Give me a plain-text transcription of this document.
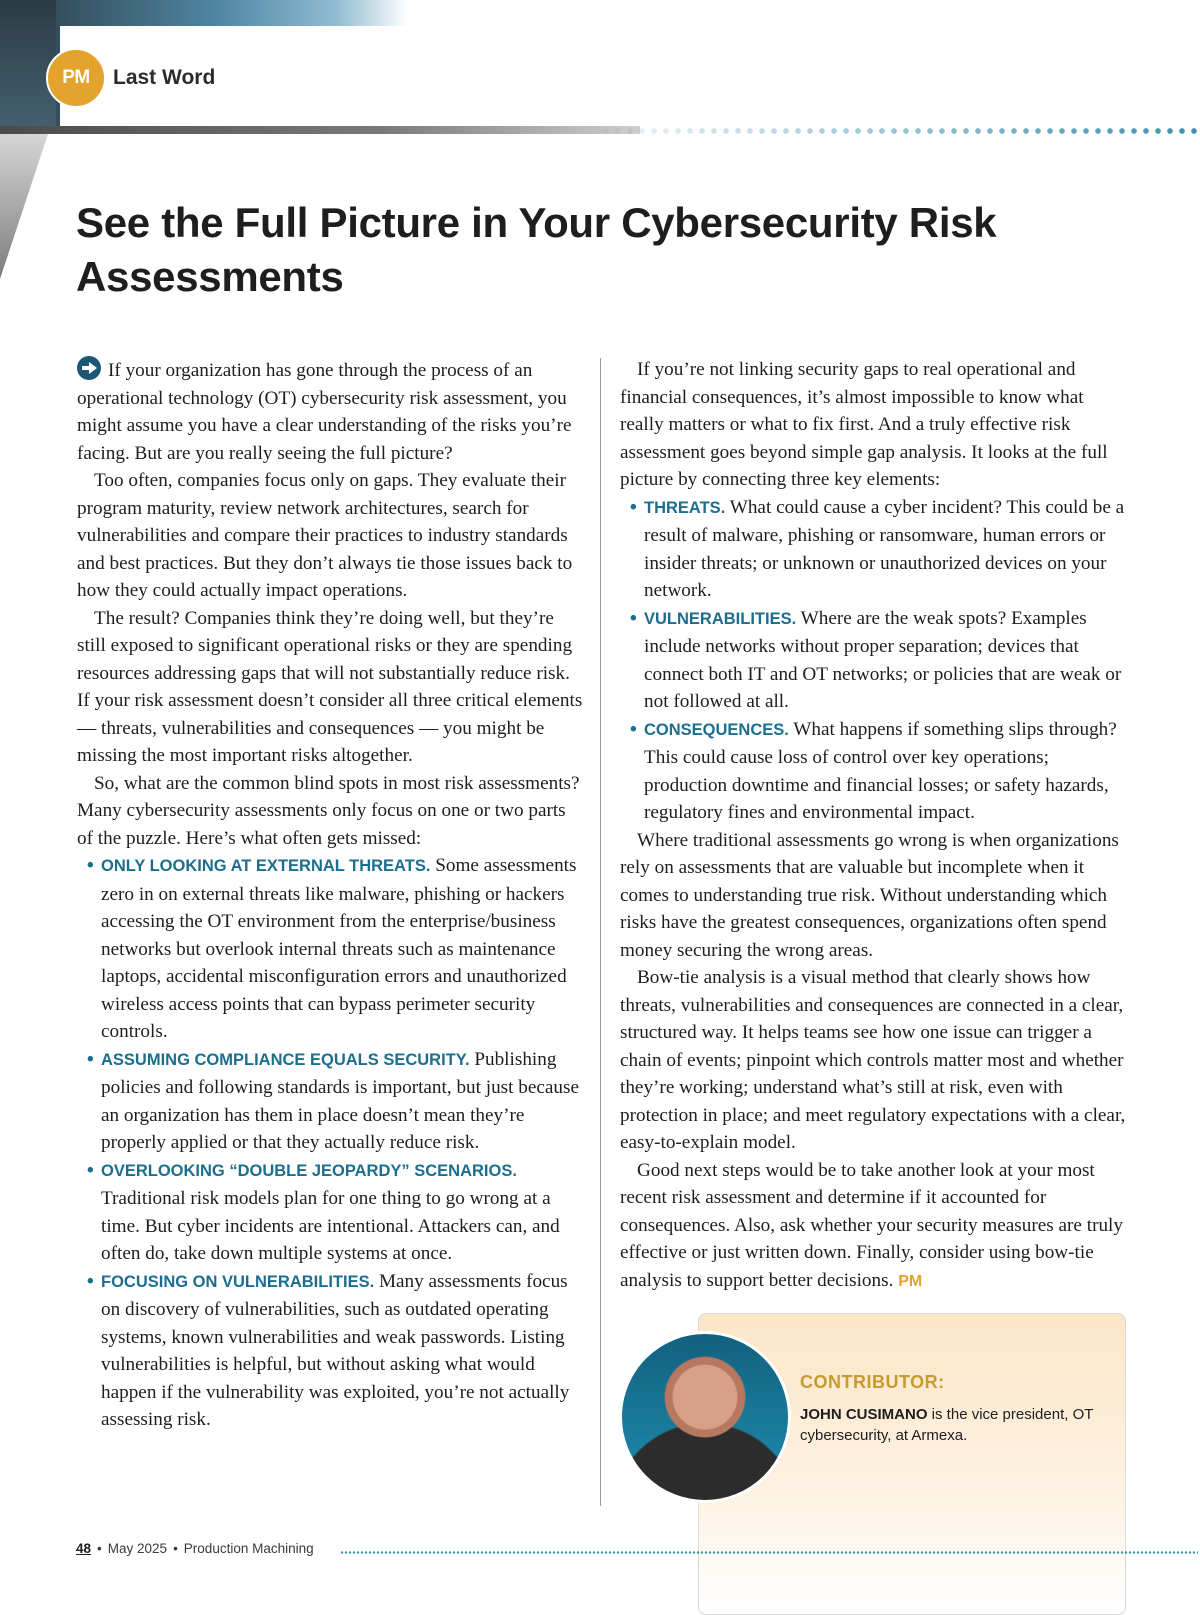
PM	Last Word
See the Full Picture in Your Cybersecurity Risk Assessments

If your organization has gone through the process of an operational technology (OT) cybersecurity risk assessment, you might assume you have a clear understanding of the risks you’re facing. But are you really seeing the full picture?

Too often, companies focus only on gaps. They evaluate their program maturity, review network architectures, search for vulnerabilities and compare their practices to industry standards and best practices. But they don’t always tie those issues back to how they could actually impact operations.

The result? Companies think they’re doing well, but they’re still exposed to significant operational risks or they are spending resources addressing gaps that will not substantially reduce risk. If your risk assessment doesn’t consider all three critical elements — threats, vulnerabilities and consequences — you might be missing the most important risks altogether.

So, what are the common blind spots in most risk assessments? Many cybersecurity assessments only focus on one or two parts of the puzzle. Here’s what often gets missed:

• ONLY LOOKING AT EXTERNAL THREATS. Some assessments zero in on external threats like malware, phishing or hackers accessing the OT environment from the enterprise/business networks but overlook internal threats such as maintenance laptops, accidental misconfiguration errors and unauthorized wireless access points that can bypass perimeter security controls.
• ASSUMING COMPLIANCE EQUALS SECURITY. Publishing policies and following standards is important, but just because an organization has them in place doesn’t mean they’re properly applied or that they actually reduce risk.
• OVERLOOKING “DOUBLE JEOPARDY” SCENARIOS. Traditional risk models plan for one thing to go wrong at a time. But cyber incidents are intentional. Attackers can, and often do, take down multiple systems at once.
• FOCUSING ON VULNERABILITIES. Many assessments focus on discovery of vulnerabilities, such as outdated operating systems, known vulnerabilities and weak passwords. Listing vulnerabilities is helpful, but without asking what would happen if the vulnerability was exploited, you’re not actually assessing risk.

If you’re not linking security gaps to real operational and financial consequences, it’s almost impossible to know what really matters or what to fix first. And a truly effective risk assessment goes beyond simple gap analysis. It looks at the full picture by connecting three key elements:

• THREATS. What could cause a cyber incident? This could be a result of malware, phishing or ransomware, human errors or insider threats; or unknown or unauthorized devices on your network.
• VULNERABILITIES. Where are the weak spots? Examples include networks without proper separation; devices that connect both IT and OT networks; or policies that are weak or not followed at all.
• CONSEQUENCES. What happens if something slips through? This could cause loss of control over key operations; production downtime and financial losses; or safety hazards, regulatory fines and environmental impact.

Where traditional assessments go wrong is when organizations rely on assessments that are valuable but incomplete when it comes to understanding true risk. Without understanding which risks have the greatest consequences, organizations often spend money securing the wrong areas.

Bow-tie analysis is a visual method that clearly shows how threats, vulnerabilities and consequences are connected in a clear, structured way. It helps teams see how one issue can trigger a chain of events; pinpoint which controls matter most and whether they’re working; understand what’s still at risk, even with protection in place; and meet regulatory expectations with a clear, easy-to-explain model.

Good next steps would be to take another look at your most recent risk assessment and determine if it accounted for consequences. Also, ask whether your security measures are truly effective or just written down. Finally, consider using bow-tie analysis to support better decisions. PM

CONTRIBUTOR:
JOHN CUSIMANO is the vice president, OT cybersecurity, at Armexa.
48 • May 2025 • Production Machining
